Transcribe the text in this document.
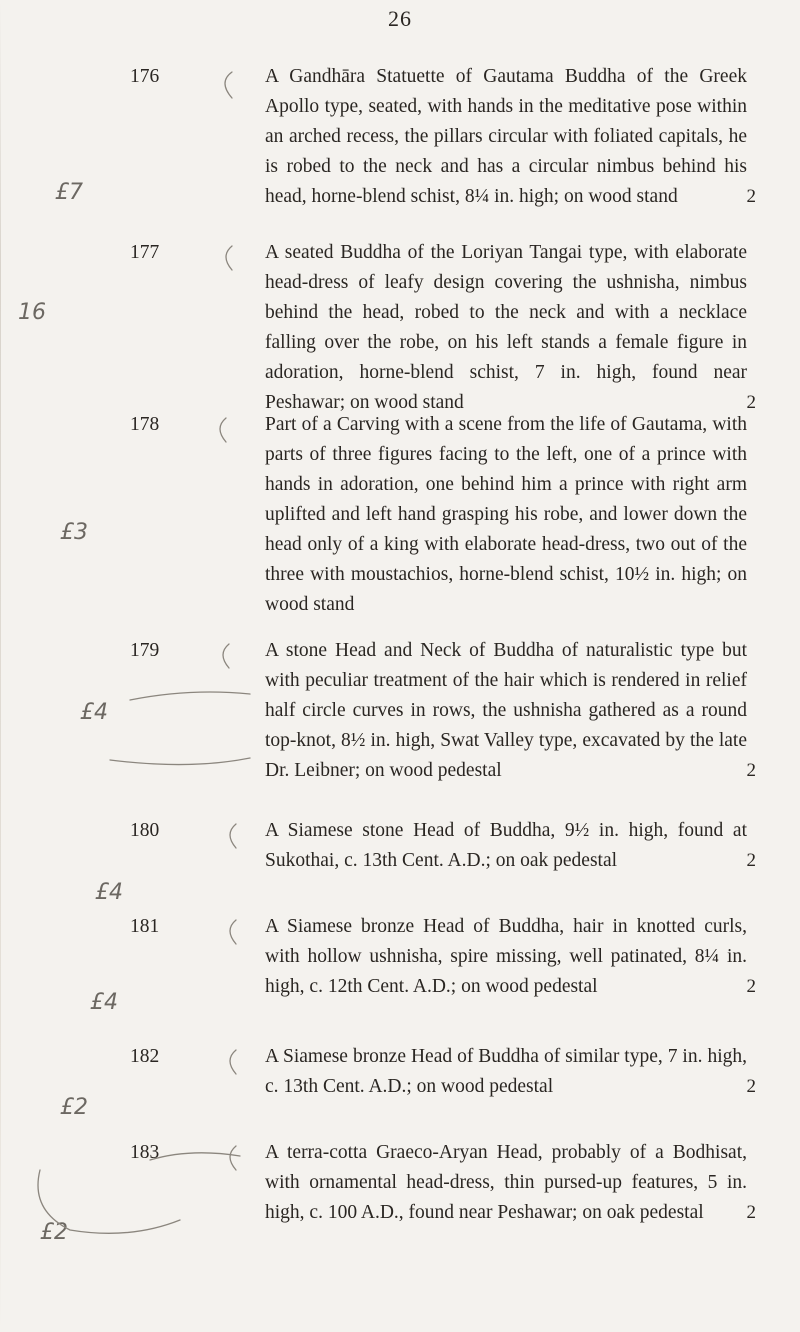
26
176	A Gandhāra Statuette of Gautama Buddha of the Greek Apollo type, seated, with hands in the meditative pose within an arched recess, the pillars circular with foliated capitals, he is robed to the neck and has a circular nimbus behind his head, horne-blend schist, 8¼ in. high; on wood stand	2
177	A seated Buddha of the Loriyan Tangai type, with elaborate head-dress of leafy design covering the ushnisha, nimbus behind the head, robed to the neck and with a necklace falling over the robe, on his left stands a female figure in adoration, horne-blend schist, 7 in. high, found near Peshawar; on wood stand	2
178	Part of a Carving with a scene from the life of Gautama, with parts of three figures facing to the left, one of a prince with hands in adoration, one behind him a prince with right arm uplifted and left hand grasping his robe, and lower down the head only of a king with elaborate head-dress, two out of the three with moustachios, horne-blend schist, 10½ in. high; on wood stand
179	A stone Head and Neck of Buddha of naturalistic type but with peculiar treatment of the hair which is rendered in relief half circle curves in rows, the ushnisha gathered as a round top-knot, 8½ in. high, Swat Valley type, excavated by the late Dr. Leibner; on wood pedestal	2
180	A Siamese stone Head of Buddha, 9½ in. high, found at Sukothai, c. 13th Cent. A.D.; on oak pedestal	2
181	A Siamese bronze Head of Buddha, hair in knotted curls, with hollow ushnisha, spire missing, well patinated, 8¼ in. high, c. 12th Cent. A.D.; on wood pedestal	2
182	A Siamese bronze Head of Buddha of similar type, 7 in. high, c. 13th Cent. A.D.; on wood pedestal	2
183	A terra-cotta Graeco-Aryan Head, probably of a Bodhisat, with ornamental head-dress, thin pursed-up features, 5 in. high, c. 100 A.D., found near Peshawar; on oak pedestal	2
16
£7
£3
£4
£4
£4
£2
£2
